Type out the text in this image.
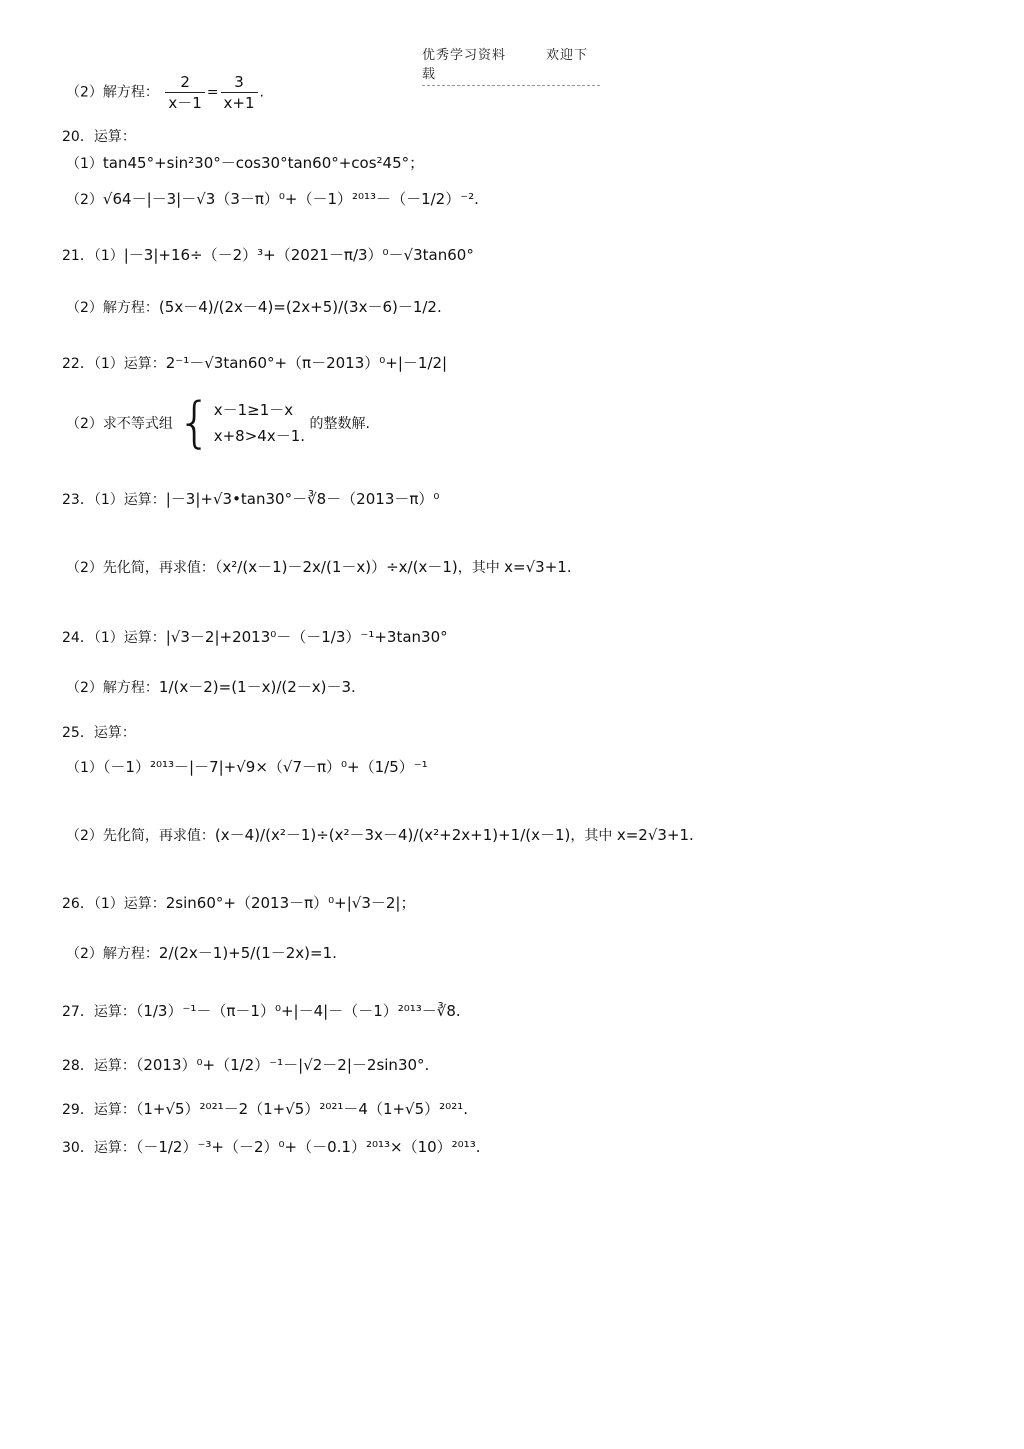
优秀学习资料	欢迎下载
（2）解方程： $\frac{2}{x-1} = \frac{3}{x+1}$ .
20．运算：
（1）tan45°+sin²30°－cos30°tan60°+cos²45°；
（2）√64－|－3|－√3（3－π）⁰+（－1）²⁰¹³－（－1/2）⁻².
21．（1）|－3|+16÷（－2）³+（2021－π/3）⁰－√3tan60°
（2）解方程：(5x－4)/(2x－4)=(2x+5)/(3x－6)－1/2.
22．（1）运算：2⁻¹－√3tan60°+（π－2013）⁰+|－1/2|
（2）求不等式组 { x－1≥1－x
x+8>4x－1. 的整数解.
23．（1）运算：|－3|+√3•tan30°－∛8－（2013－π）⁰
（2）先化简，再求值：（x²/(x－1)－2x/(1－x)）÷x/(x－1)，其中 x=√3+1.
24．（1）运算：|√3－2|+2013⁰－（－1/3）⁻¹+3tan30°
（2）解方程：1/(x－2)=(1－x)/(2－x)－3.
25．运算：
（1）（－1）²⁰¹³－|－7|+√9×（√7－π）⁰+（1/5）⁻¹
（2）先化简，再求值：(x－4)/(x²－1)÷(x²－3x－4)/(x²+2x+1)+1/(x－1)，其中 x=2√3+1.
26．（1）运算：2sin60°+（2013－π）⁰+|√3－2|；
（2）解方程：2/(2x－1)+5/(1－2x)=1.
27．运算：（1/3）⁻¹－（π－1）⁰+|－4|－（－1）²⁰¹³－∛8.
28．运算：（2013）⁰+（1/2）⁻¹－|√2－2|－2sin30°.
29．运算：（1+√5）²⁰²¹－2（1+√5）²⁰²¹－4（1+√5）²⁰²¹.
30．运算：（－1/2）⁻³+（－2）⁰+（－0.1）²⁰¹³×（10）²⁰¹³.
